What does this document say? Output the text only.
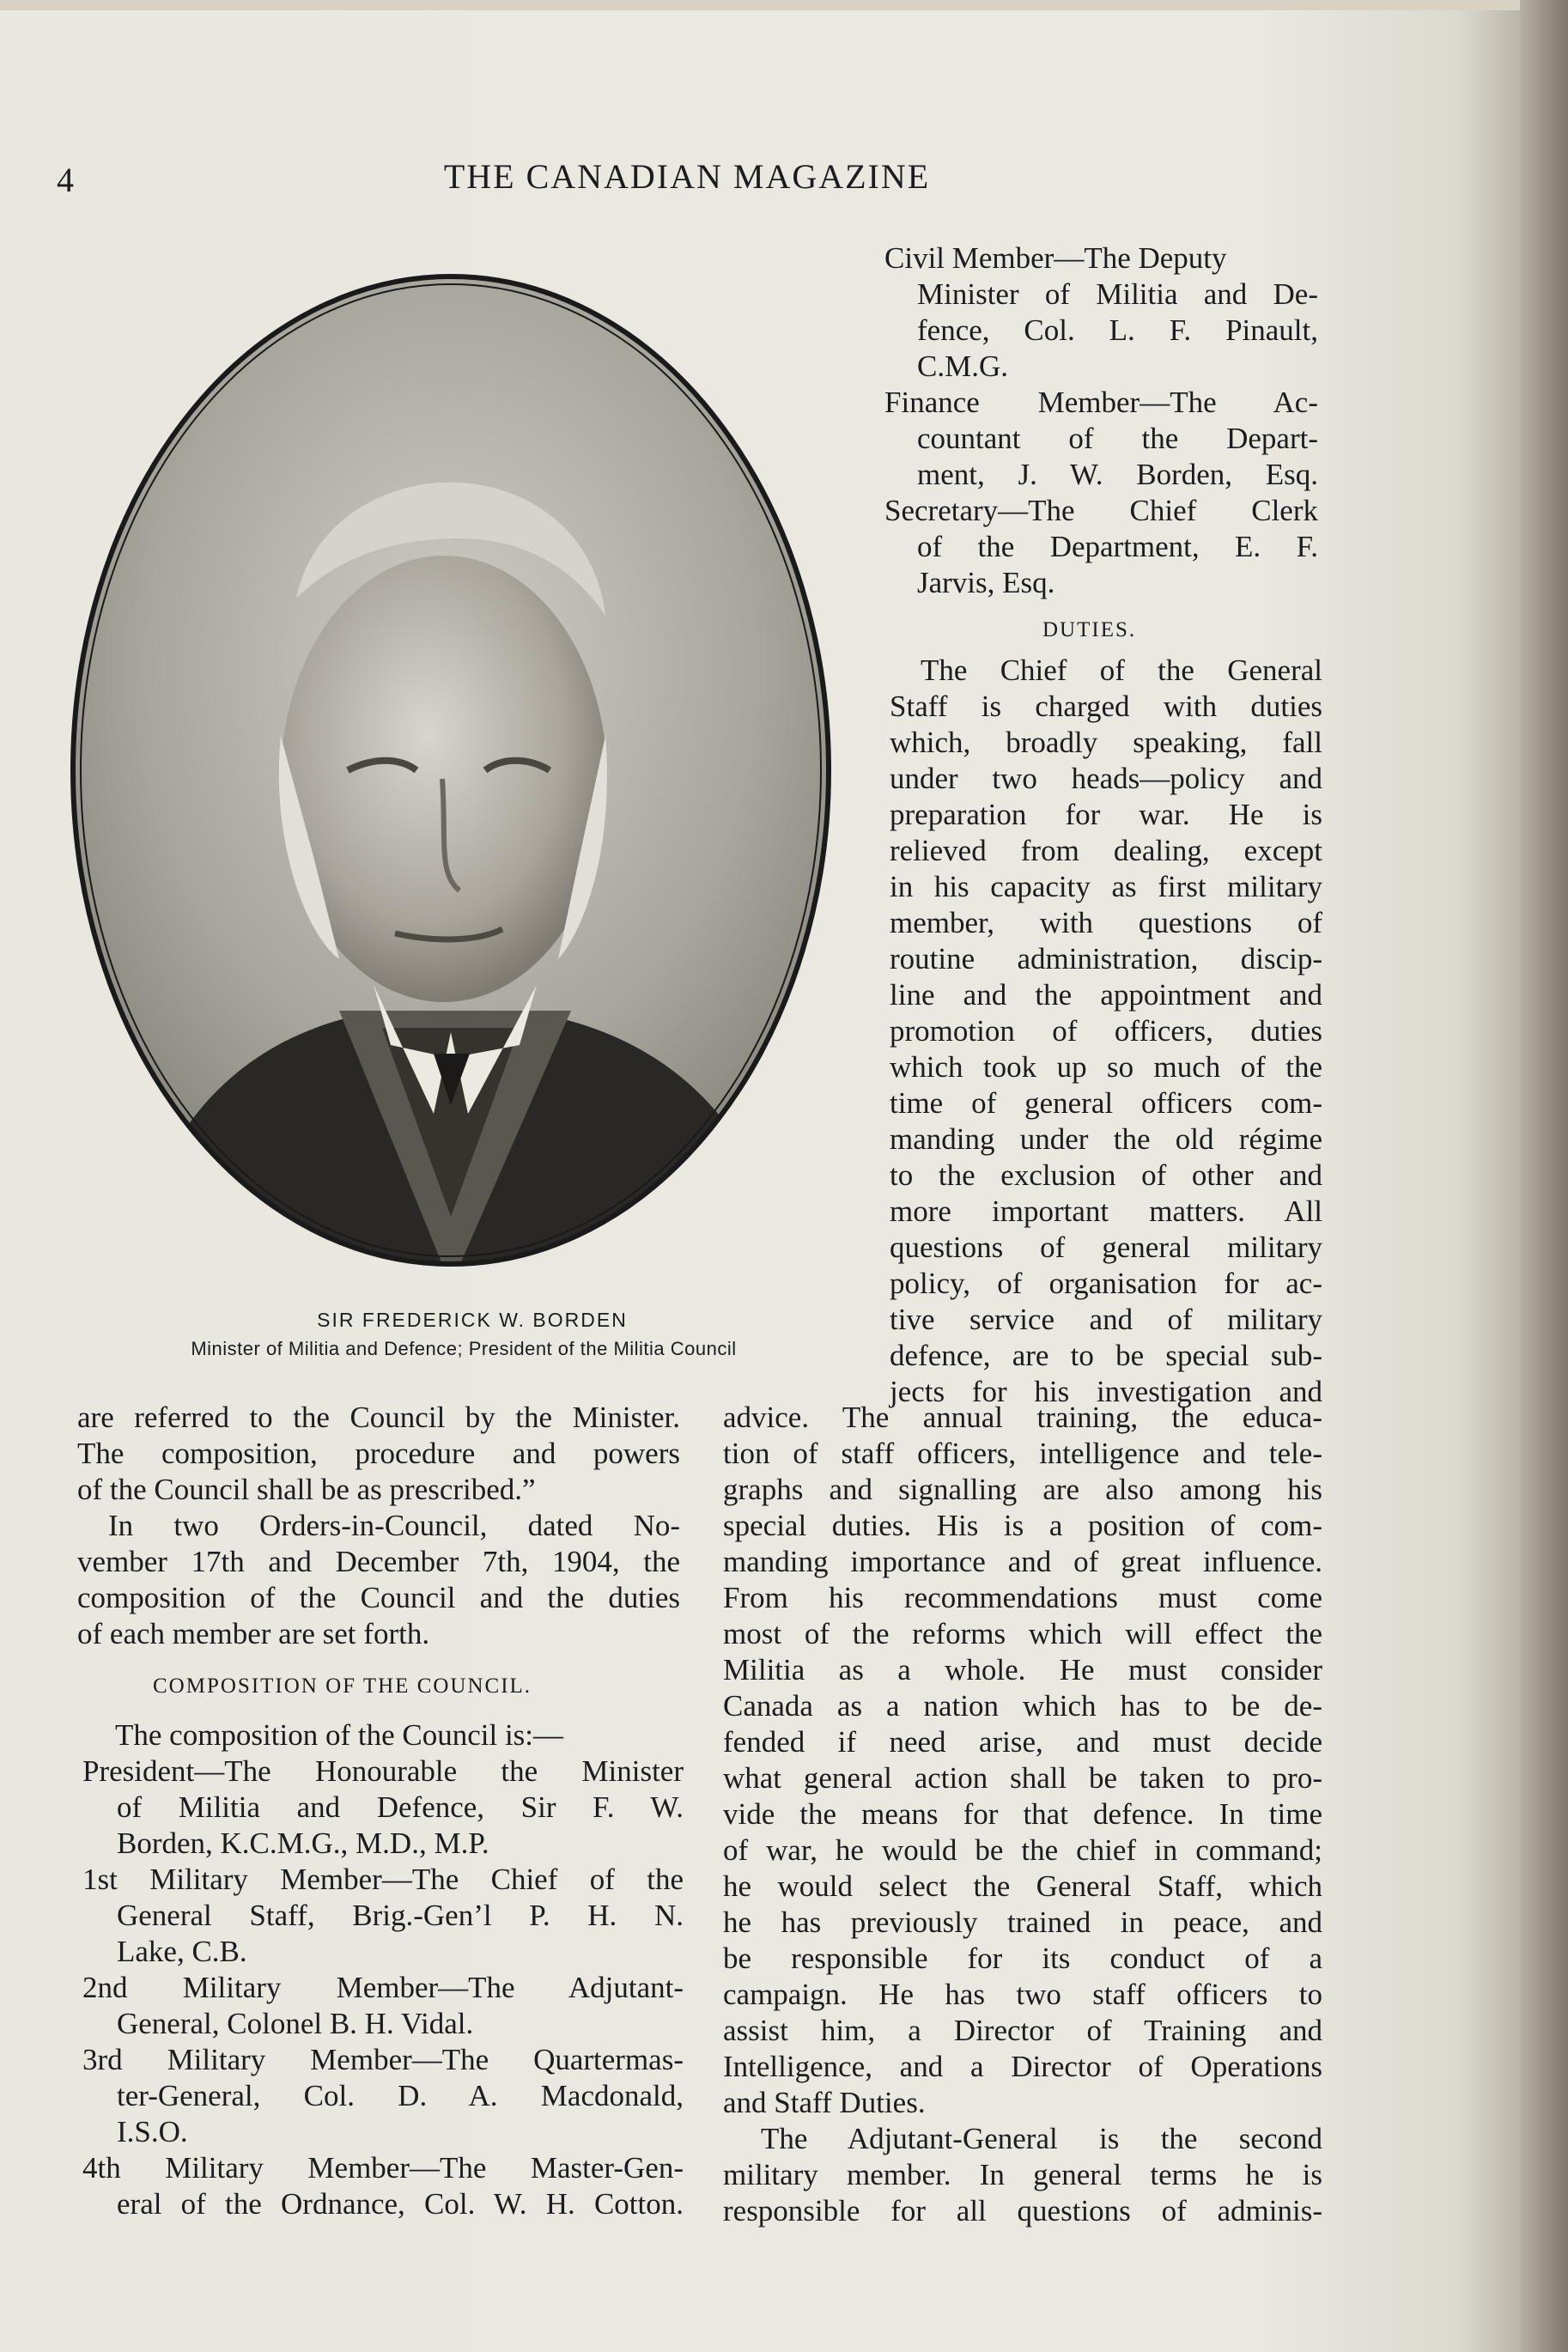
4	THE CANADIAN MAGAZINE
SIR FREDERICK W. BORDEN
Minister of Militia and Defence; President of the Militia Council
Civil Member—The Deputy
Minister of Militia and De-
fence, Col. L. F. Pinault,
C.M.G.
Finance Member—The Ac-
countant of the Depart-
ment, J. W. Borden, Esq.
Secretary—The Chief Clerk
of the Department, E. F.
Jarvis, Esq.
DUTIES.
The Chief of the General
Staff is charged with duties
which, broadly speaking, fall
under two heads—policy and
preparation for war. He is
relieved from dealing, except
in his capacity as first military
member, with questions of
routine administration, discip-
line and the appointment and
promotion of officers, duties
which took up so much of the
time of general officers com-
manding under the old régime
to the exclusion of other and
more important matters. All
questions of general military
policy, of organisation for ac-
tive service and of military
defence, are to be special sub-
jects for his investigation and
are referred to the Council by the Minister.
The composition, procedure and powers
of the Council shall be as prescribed.”
In two Orders-in-Council, dated No-
vember 17th and December 7th, 1904, the
composition of the Council and the duties
of each member are set forth.
COMPOSITION OF THE COUNCIL.
The composition of the Council is:—
President—The Honourable the Minister
of Militia and Defence, Sir F. W.
Borden, K.C.M.G., M.D., M.P.
1st Military Member—The Chief of the
General Staff, Brig.-Gen’l P. H. N.
Lake, C.B.
2nd Military Member—The Adjutant-
General, Colonel B. H. Vidal.
3rd Military Member—The Quartermas-
ter-General, Col. D. A. Macdonald,
I.S.O.
4th Military Member—The Master-Gen-
eral of the Ordnance, Col. W. H. Cotton.
advice. The annual training, the educa-
tion of staff officers, intelligence and tele-
graphs and signalling are also among his
special duties. His is a position of com-
manding importance and of great influence.
From his recommendations must come
most of the reforms which will effect the
Militia as a whole. He must consider
Canada as a nation which has to be de-
fended if need arise, and must decide
what general action shall be taken to pro-
vide the means for that defence. In time
of war, he would be the chief in command;
he would select the General Staff, which
he has previously trained in peace, and
be responsible for its conduct of a
campaign. He has two staff officers to
assist him, a Director of Training and
Intelligence, and a Director of Operations
and Staff Duties.
The Adjutant-General is the second
military member. In general terms he is
responsible for all questions of adminis-
